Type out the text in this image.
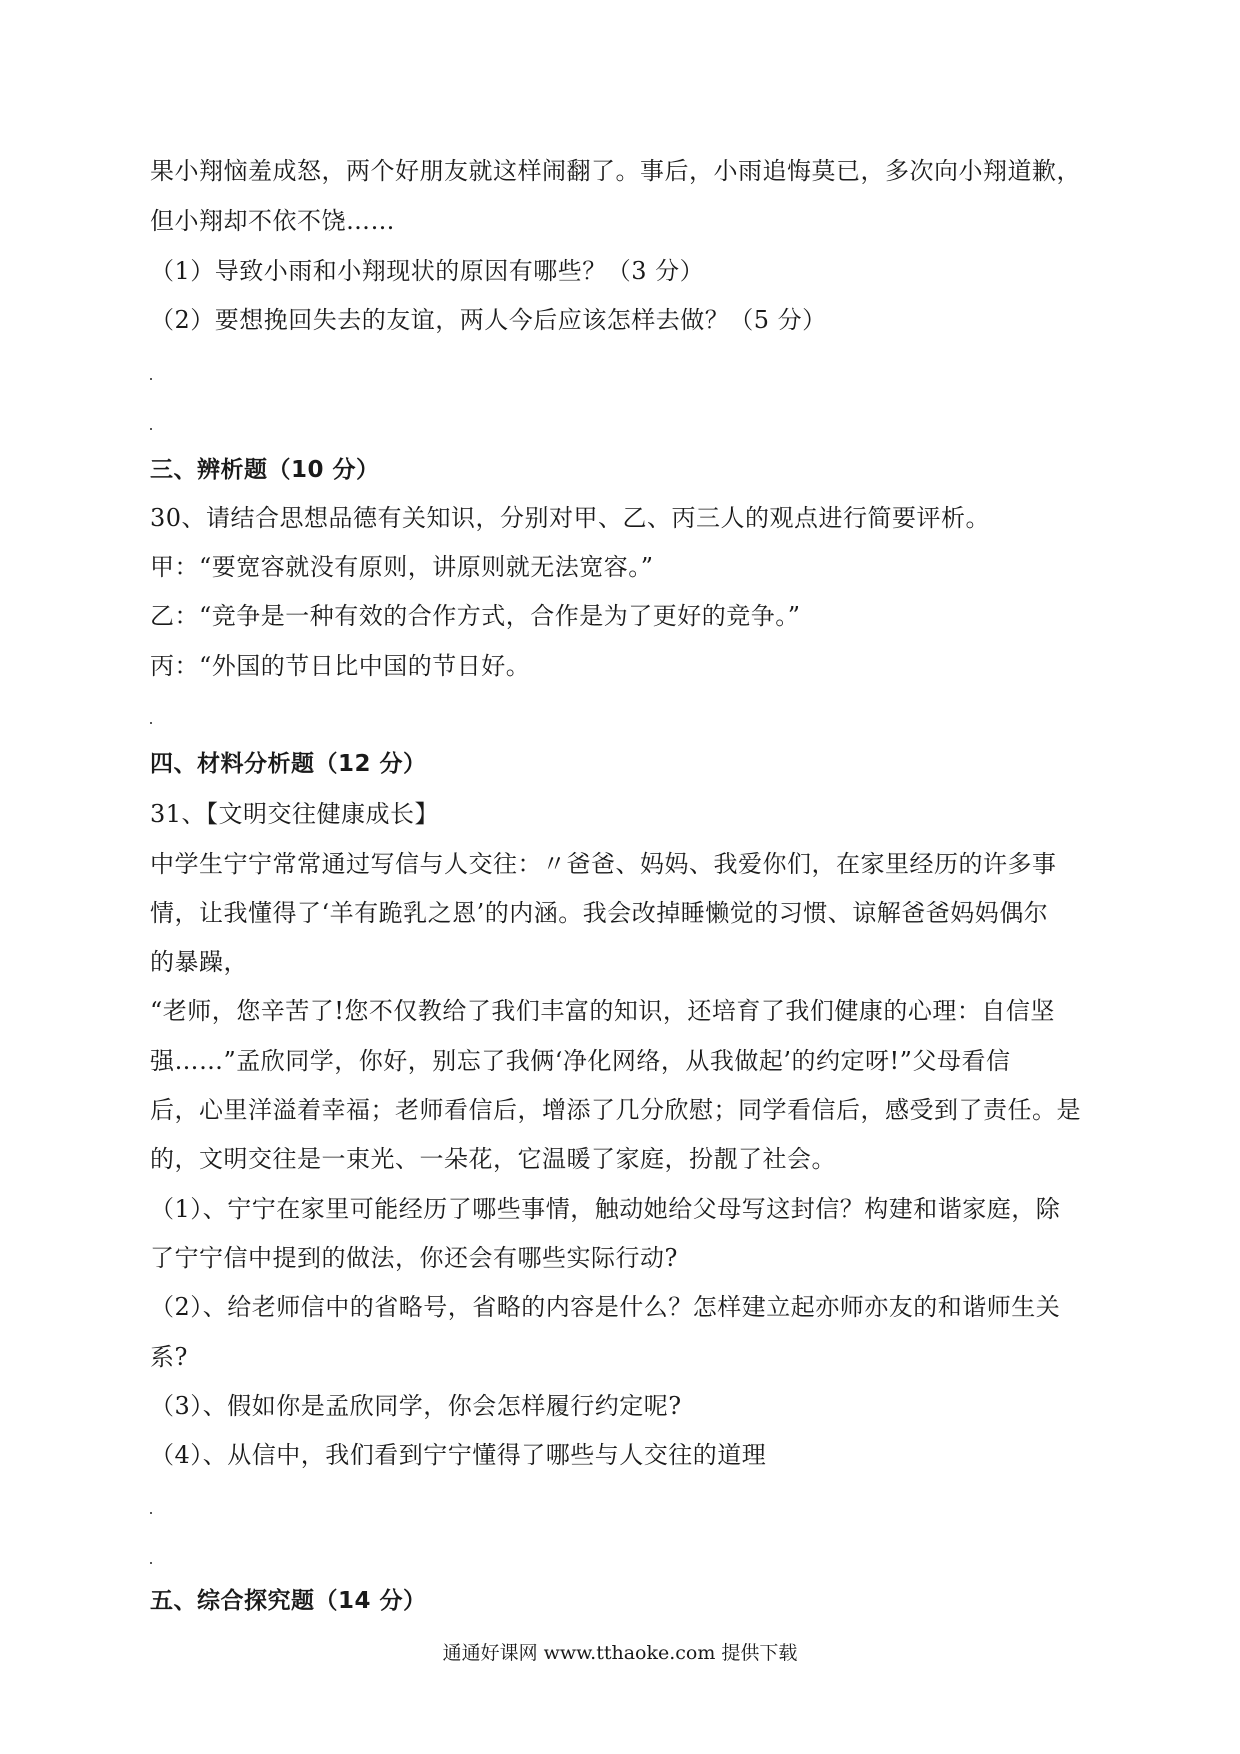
果小翔恼羞成怒，两个好朋友就这样闹翻了。事后，小雨追悔莫已，多次向小翔道歉，
但小翔却不依不饶……
（1）导致小雨和小翔现状的原因有哪些？（3 分）
（2）要想挽回失去的友谊，两人今后应该怎样去做？（5 分）
三、辨析题（10 分）
30、请结合思想品德有关知识，分别对甲、乙、丙三人的观点进行简要评析。
甲：“要宽容就没有原则，讲原则就无法宽容。”
乙：“竞争是一种有效的合作方式，合作是为了更好的竞争。”
丙：“外国的节日比中国的节日好。
四、材料分析题（12 分）
31、【文明交往健康成长】
中学生宁宁常常通过写信与人交往：〃爸爸、妈妈、我爱你们，在家里经历的许多事
情，让我懂得了‘羊有跪乳之恩’的内涵。我会改掉睡懒觉的习惯、谅解爸爸妈妈偶尔
的暴躁，
“老师，您辛苦了!您不仅教给了我们丰富的知识，还培育了我们健康的心理：自信坚
强……”孟欣同学，你好，别忘了我俩‘净化网络，从我做起’的约定呀!”父母看信
后，心里洋溢着幸福；老师看信后，增添了几分欣慰；同学看信后，感受到了责任。是
的，文明交往是一束光、一朵花，它温暖了家庭，扮靓了社会。
（1）、宁宁在家里可能经历了哪些事情，触动她给父母写这封信？构建和谐家庭，除
了宁宁信中提到的做法，你还会有哪些实际行动?
（2）、给老师信中的省略号，省略的内容是什么？怎样建立起亦师亦友的和谐师生关
系?
（3）、假如你是孟欣同学，你会怎样履行约定呢?
（4）、从信中，我们看到宁宁懂得了哪些与人交往的道理
五、综合探究题（14 分）
通通好课网 www.tthaoke.com 提供下载
